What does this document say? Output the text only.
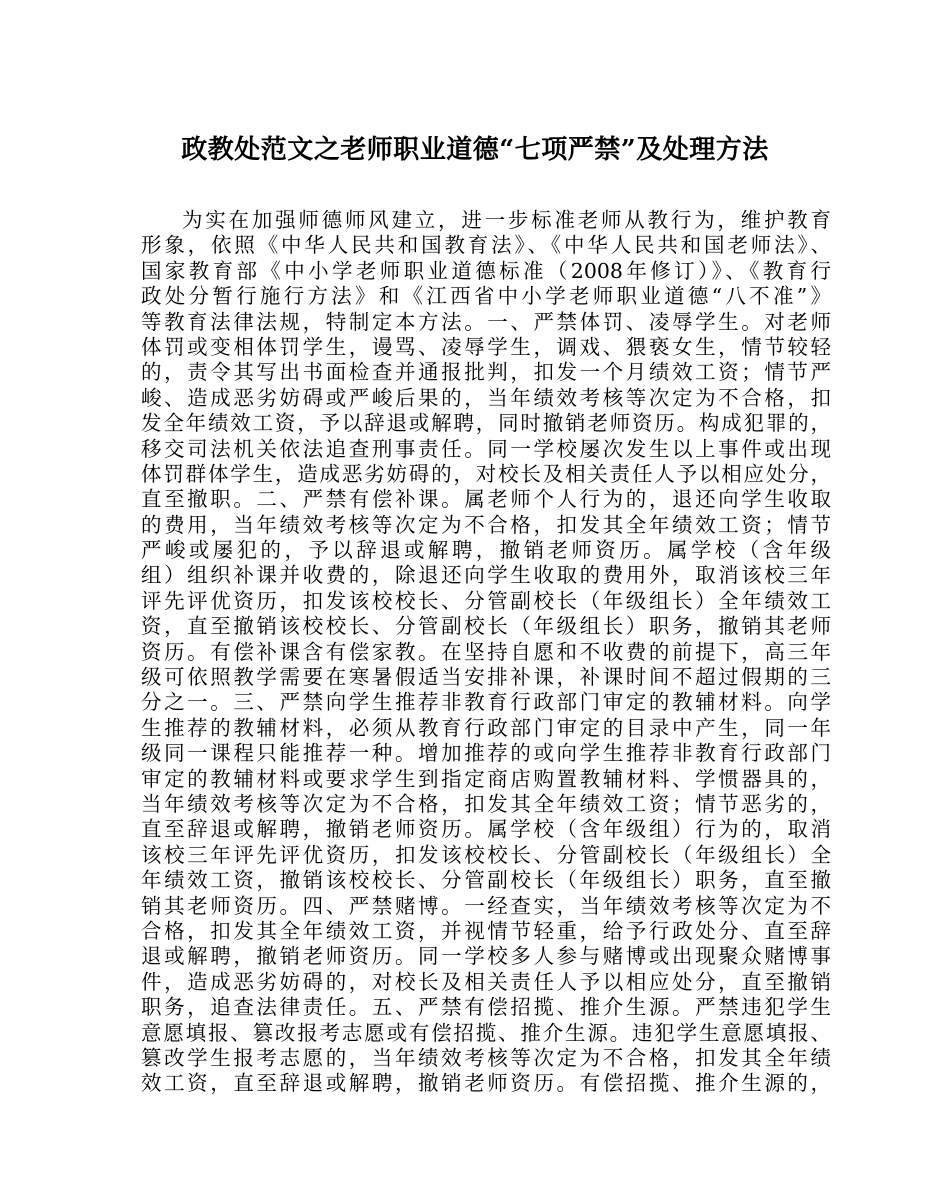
政教处范文之老师职业道德“七项严禁”及处理方法
为实在加强师德师风建立，进一步标准老师从教行为，维护教育
形象，依照《中华人民共和国教育法》、《中华人民共和国老师法》、
国家教育部《中小学老师职业道德标准（2008年修订）》、《教育行
政处分暂行施行方法》和《江西省中小学老师职业道德“八不准”》
等教育法律法规，特制定本方法。一、严禁体罚、凌辱学生。对老师
体罚或变相体罚学生，谩骂、凌辱学生，调戏、猥亵女生，情节较轻
的，责令其写出书面检查并通报批判，扣发一个月绩效工资；情节严
峻、造成恶劣妨碍或严峻后果的，当年绩效考核等次定为不合格，扣
发全年绩效工资，予以辞退或解聘，同时撤销老师资历。构成犯罪的，
移交司法机关依法追查刑事责任。同一学校屡次发生以上事件或出现
体罚群体学生，造成恶劣妨碍的，对校长及相关责任人予以相应处分，
直至撤职。二、严禁有偿补课。属老师个人行为的，退还向学生收取
的费用，当年绩效考核等次定为不合格，扣发其全年绩效工资；情节
严峻或屡犯的，予以辞退或解聘，撤销老师资历。属学校（含年级
组）组织补课并收费的，除退还向学生收取的费用外，取消该校三年
评先评优资历，扣发该校校长、分管副校长（年级组长）全年绩效工
资，直至撤销该校校长、分管副校长（年级组长）职务，撤销其老师
资历。有偿补课含有偿家教。在坚持自愿和不收费的前提下，高三年
级可依照教学需要在寒暑假适当安排补课，补课时间不超过假期的三
分之一。三、严禁向学生推荐非教育行政部门审定的教辅材料。向学
生推荐的教辅材料，必须从教育行政部门审定的目录中产生，同一年
级同一课程只能推荐一种。增加推荐的或向学生推荐非教育行政部门
审定的教辅材料或要求学生到指定商店购置教辅材料、学惯器具的，
当年绩效考核等次定为不合格，扣发其全年绩效工资；情节恶劣的，
直至辞退或解聘，撤销老师资历。属学校（含年级组）行为的，取消
该校三年评先评优资历，扣发该校校长、分管副校长（年级组长）全
年绩效工资，撤销该校校长、分管副校长（年级组长）职务，直至撤
销其老师资历。四、严禁赌博。一经查实，当年绩效考核等次定为不
合格，扣发其全年绩效工资，并视情节轻重，给予行政处分、直至辞
退或解聘，撤销老师资历。同一学校多人参与赌博或出现聚众赌博事
件，造成恶劣妨碍的，对校长及相关责任人予以相应处分，直至撤销
职务，追查法律责任。五、严禁有偿招揽、推介生源。严禁违犯学生
意愿填报、篡改报考志愿或有偿招揽、推介生源。违犯学生意愿填报、
篡改学生报考志愿的，当年绩效考核等次定为不合格，扣发其全年绩
效工资，直至辞退或解聘，撤销老师资历。有偿招揽、推介生源的，
